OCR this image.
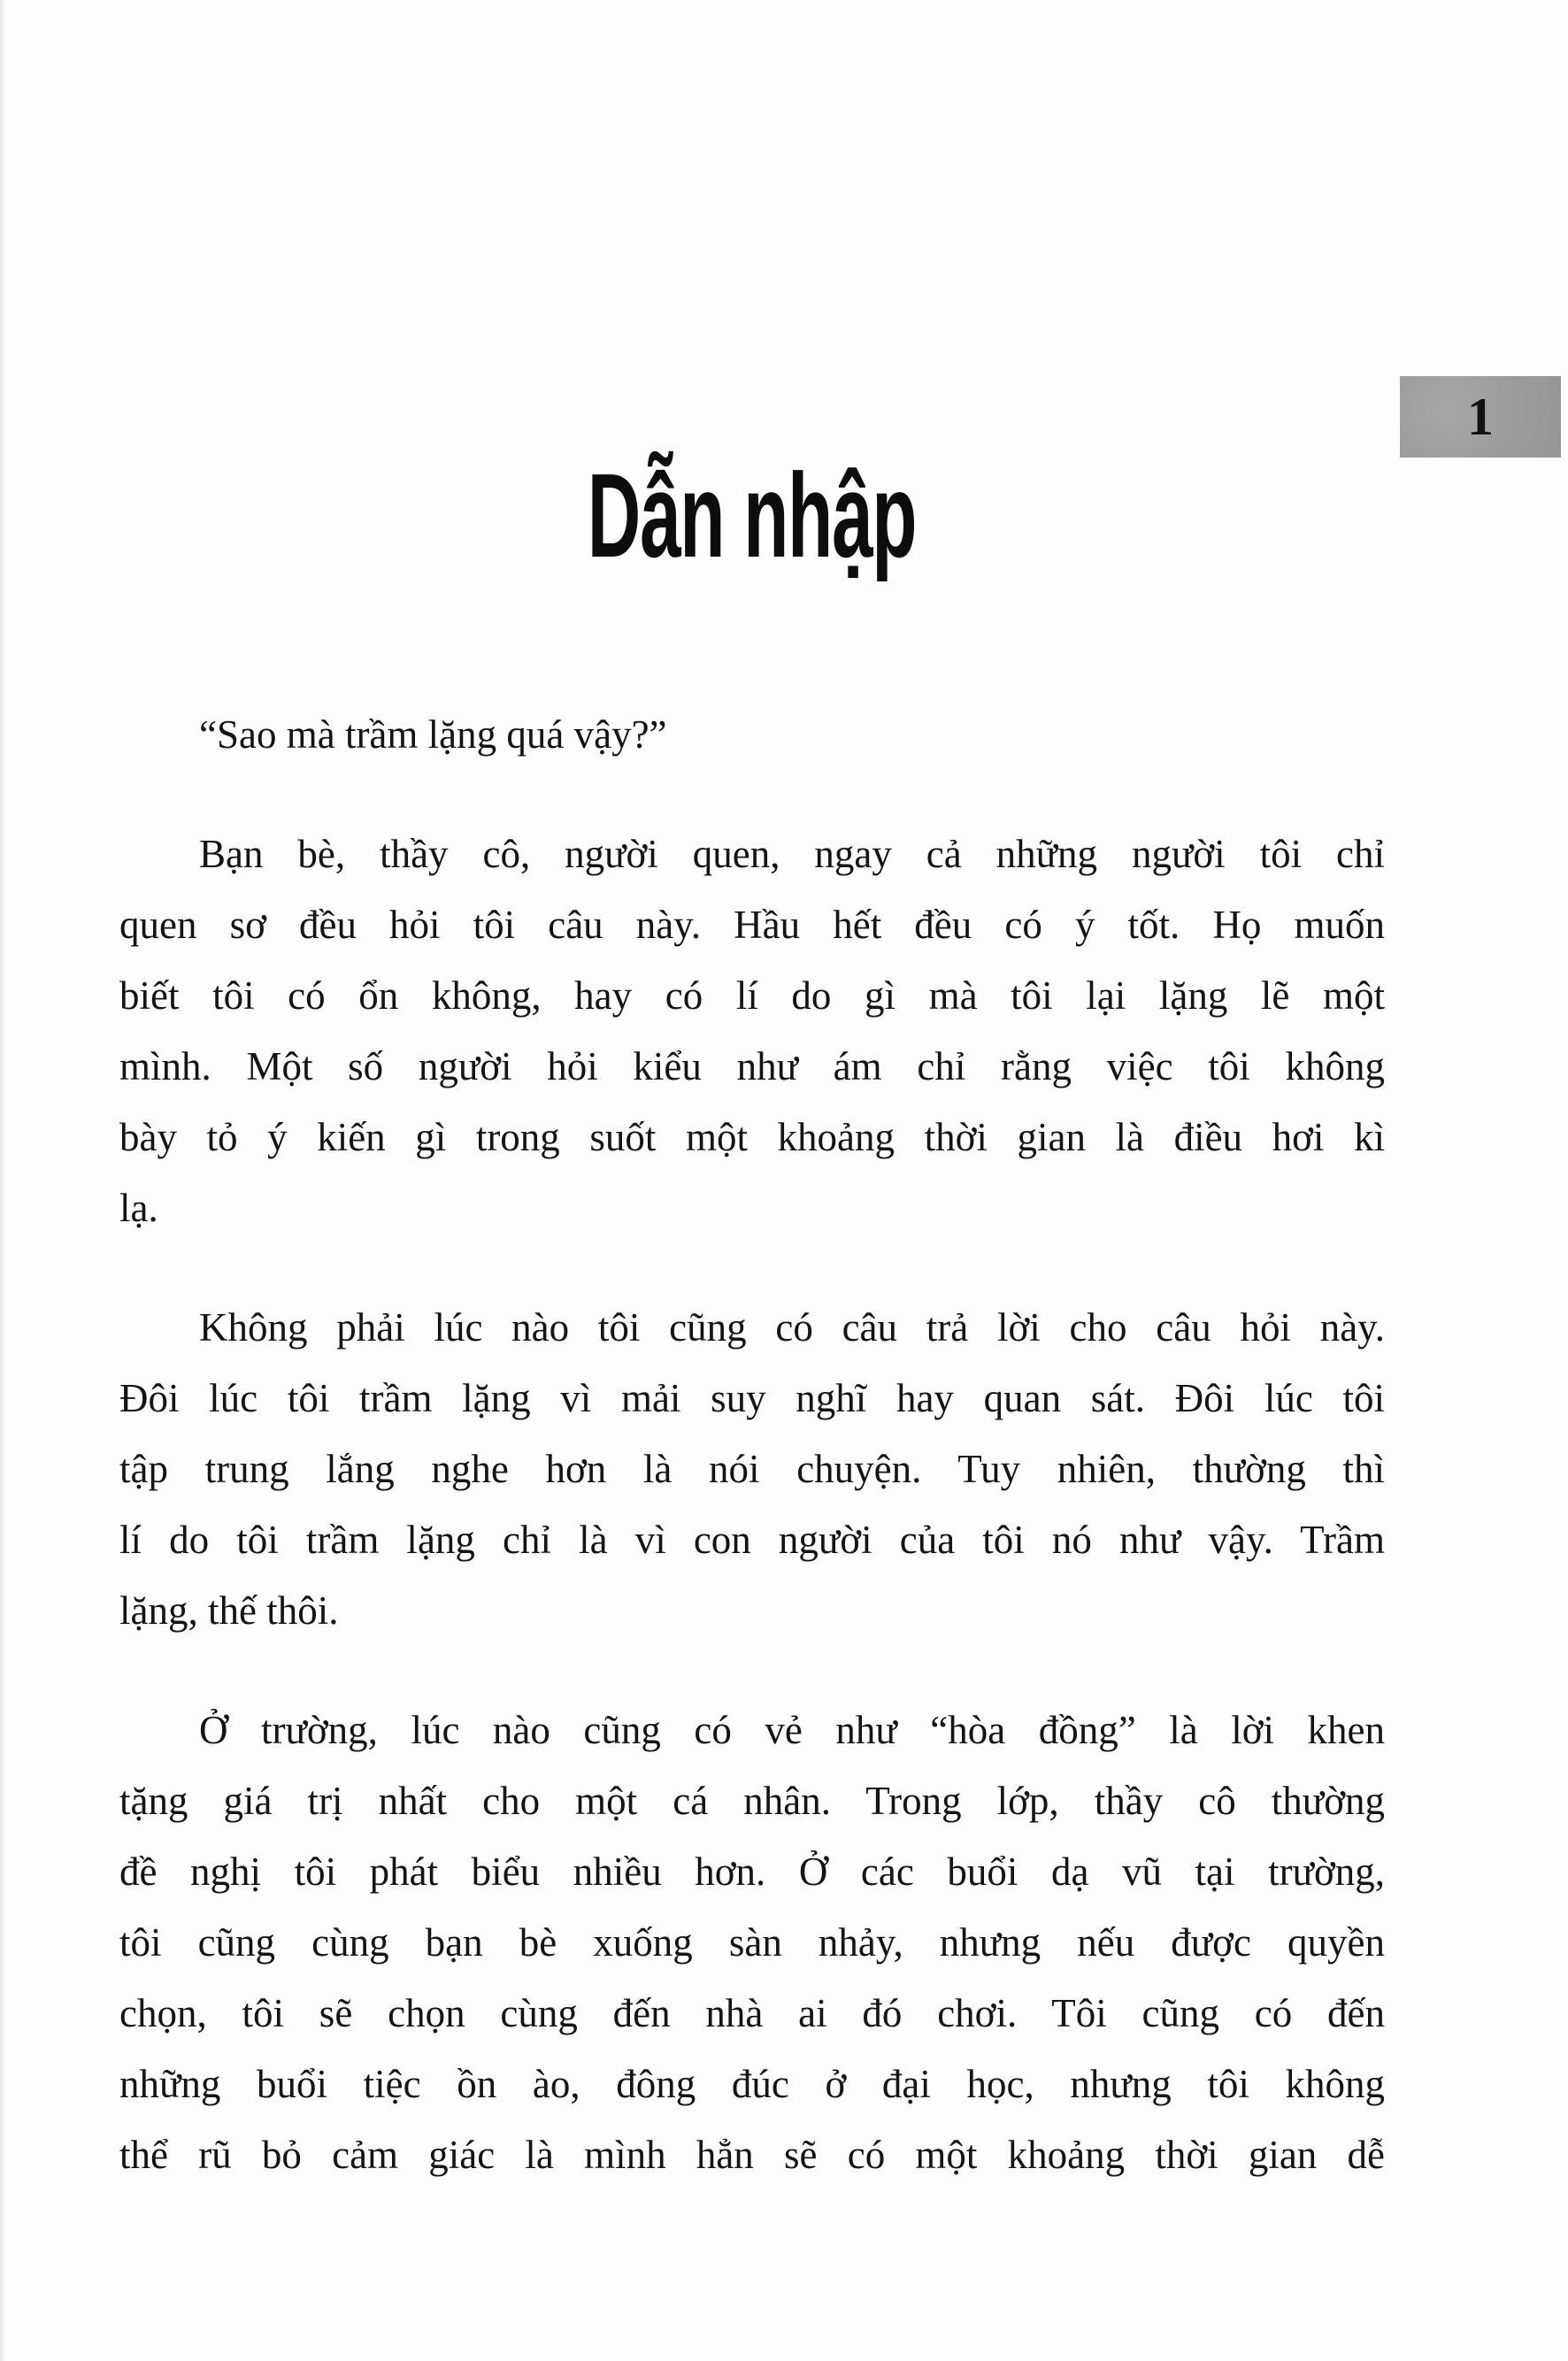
1
Dẫn nhập
“Sao mà trầm lặng quá vậy?”
Bạn bè, thầy cô, người quen, ngay cả những người tôi chỉ
quen sơ đều hỏi tôi câu này. Hầu hết đều có ý tốt. Họ muốn
biết tôi có ổn không, hay có lí do gì mà tôi lại lặng lẽ một
mình. Một số người hỏi kiểu như ám chỉ rằng việc tôi không
bày tỏ ý kiến gì trong suốt một khoảng thời gian là điều hơi kì
lạ.
Không phải lúc nào tôi cũng có câu trả lời cho câu hỏi này.
Đôi lúc tôi trầm lặng vì mải suy nghĩ hay quan sát. Đôi lúc tôi
tập trung lắng nghe hơn là nói chuyện. Tuy nhiên, thường thì
lí do tôi trầm lặng chỉ là vì con người của tôi nó như vậy. Trầm
lặng, thế thôi.
Ở trường, lúc nào cũng có vẻ như “hòa đồng” là lời khen
tặng giá trị nhất cho một cá nhân. Trong lớp, thầy cô thường
đề nghị tôi phát biểu nhiều hơn. Ở các buổi dạ vũ tại trường,
tôi cũng cùng bạn bè xuống sàn nhảy, nhưng nếu được quyền
chọn, tôi sẽ chọn cùng đến nhà ai đó chơi. Tôi cũng có đến
những buổi tiệc ồn ào, đông đúc ở đại học, nhưng tôi không
thể rũ bỏ cảm giác là mình hẳn sẽ có một khoảng thời gian dễ
